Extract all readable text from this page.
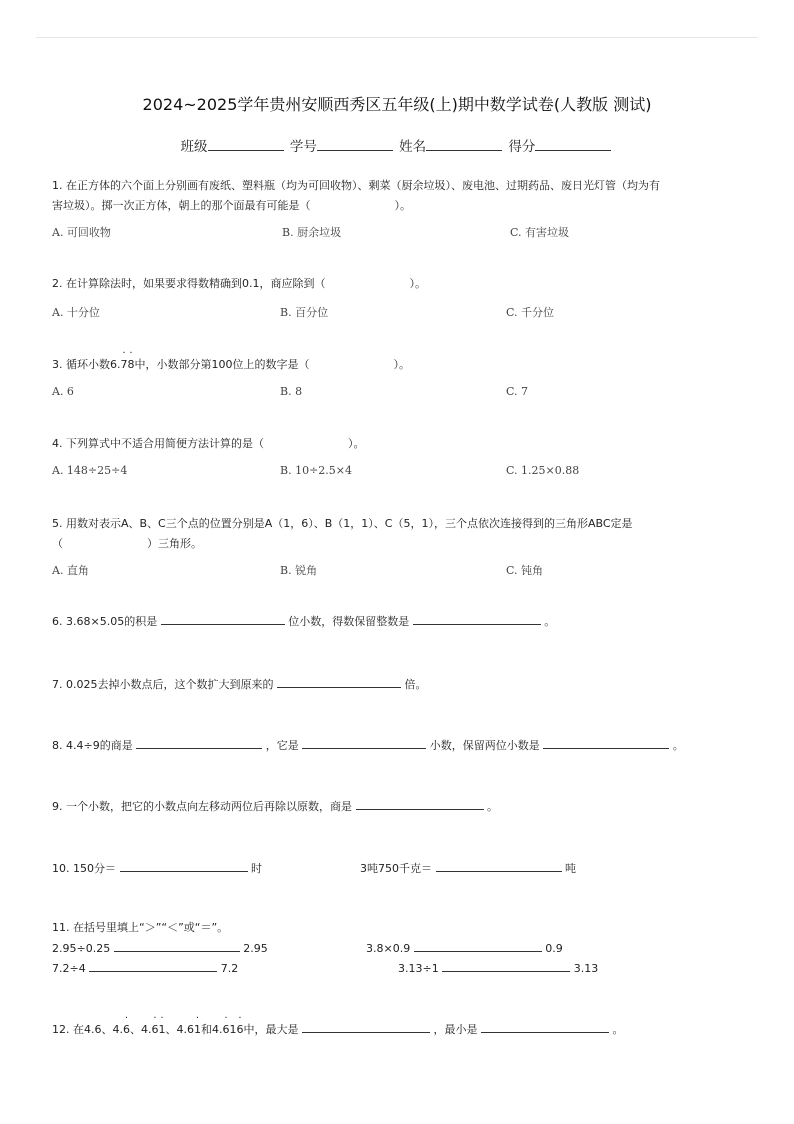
2024~2025学年贵州安顺西秀区五年级(上)期中数学试卷(人教版 测试)
班级	学号	姓名	得分
1. 在正方体的六个面上分别画有废纸、塑料瓶（均为可回收物）、剩菜（厨余垃圾）、废电池、过期药品、废日光灯管（均为有
害垃圾）。掷一次正方体，朝上的那个面最有可能是（	）。
A. 可回收物	B. 厨余垃圾	C. 有害垃圾
2. 在计算除法时，如果要求得数精确到0.1，商应除到（	）。
A. 十分位	B. 百分位	C. 千分位
3. 循环小数6.7 .8 .中，小数部分第100位上的数字是（	）。
A. 6	B. 8	C. 7
4. 下列算式中不适合用简便方法计算的是（	）。
A. 148÷25÷4	B. 10÷2.5×4	C. 1.25×0.88
5. 用数对表示A、B、C三个点的位置分别是A（1，6）、B（1，1）、C（5，1），三个点依次连接得到的三角形ABC定是
（	）三角形。
A. 直角	B. 锐角	C. 钝角
6. 3.68×5.05的积是	位小数，得数保留整数是	。
7. 0.025去掉小数点后，这个数扩大到原来的	倍。
8. 4.4÷9的商是	，它是	小数，保留两位小数是	。
9. 一个小数，把它的小数点向左移动两位后再除以原数，商是	。
10. 150分＝	时	3吨750千克＝	吨
11. 在括号里填上“＞”“＜”或“＝”。
2.95÷0.25	2.95	3.8×0.9	0.9
7.2÷4	7.2	3.13÷1	3.13
12. 在4.6、4.6 .、4.6 .1 .、4.61 .和4.6 .16 .中，最大是	，最小是	。
